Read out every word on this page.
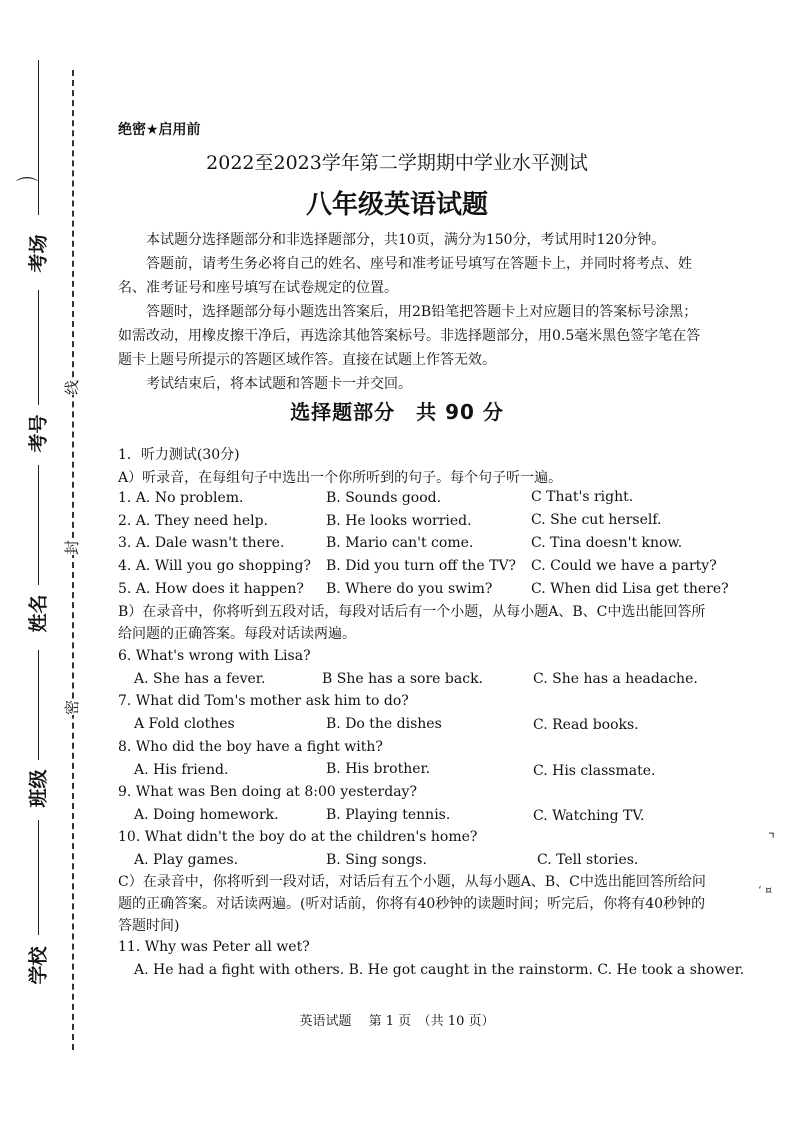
考场
⌒
考号
姓名
班级
学校
线
封
密
绝密★启用前
2022至2023学年第二学期期中学业水平测试
八年级英语试题

本试题分选择题部分和非选择题部分，共10页，满分为150分，考试用时120分钟。

答题前，请考生务必将自己的姓名、座号和准考证号填写在答题卡上，并同时将考点、姓名、准考证号和座号填写在试卷规定的位置。

答题时，选择题部分每小题选出答案后，用2B铅笔把答题卡上对应题目的答案标号涂黑；如需改动，用橡皮擦干净后，再选涂其他答案标号。非选择题部分，用0.5毫米黑色签字笔在答题卡上题号所提示的答题区域作答。直接在试题上作答无效。

考试结束后，将本试题和答题卡一并交回。

选择题部分　共 90 分
1．听力测试(30分)
A）听录音，在每组句子中选出一个你所听到的句子。每个句子听一遍。
1. A. No problem.	B. Sounds good.	C That's right.
2. A. They need help.	B. He looks worried.	C. She cut herself.
3. A. Dale wasn't there.	B. Mario can't come.	C. Tina doesn't know.
4. A. Will you go shopping? B. Did you turn off the TV? C. Could we have a party?
5. A. How does it happen? B. Where do you swim?	C. When did Lisa get there?
B）在录音中，你将听到五段对话，每段对话后有一个小题，从每小题A、B、C中选出能回答所给问题的正确答案。每段对话读两遍。
6. What's wrong with Lisa?
A. She has a fever.	B She has a sore back.	C. She has a headache.
7. What did Tom's mother ask him to do?
A Fold clothes	B. Do the dishes	C. Read books.
8. Who did the boy have a fight with?
A. His friend.	B. His brother.	C. His classmate.
9. What was Ben doing at 8:00 yesterday?
A. Doing homework.	B. Playing tennis.	C. Watching TV.
10. What didn't the boy do at the children's home?
A. Play games.	B. Sing songs.	C. Tell stories.
C）在录音中，你将听到一段对话，对话后有五个小题，从每小题A、B、C中选出能回答所给问题的正确答案。对话读两遍。(听对话前，你将有40秒钟的读题时间；听完后，你将有40秒钟的答题时间)
11. Why was Peter all wet?
A. He had a fight with others. B. He got caught in the rainstorm. C. He took a shower.
⌝
ʻ ¤
英语试题　 第 1 页　（共 10 页）
